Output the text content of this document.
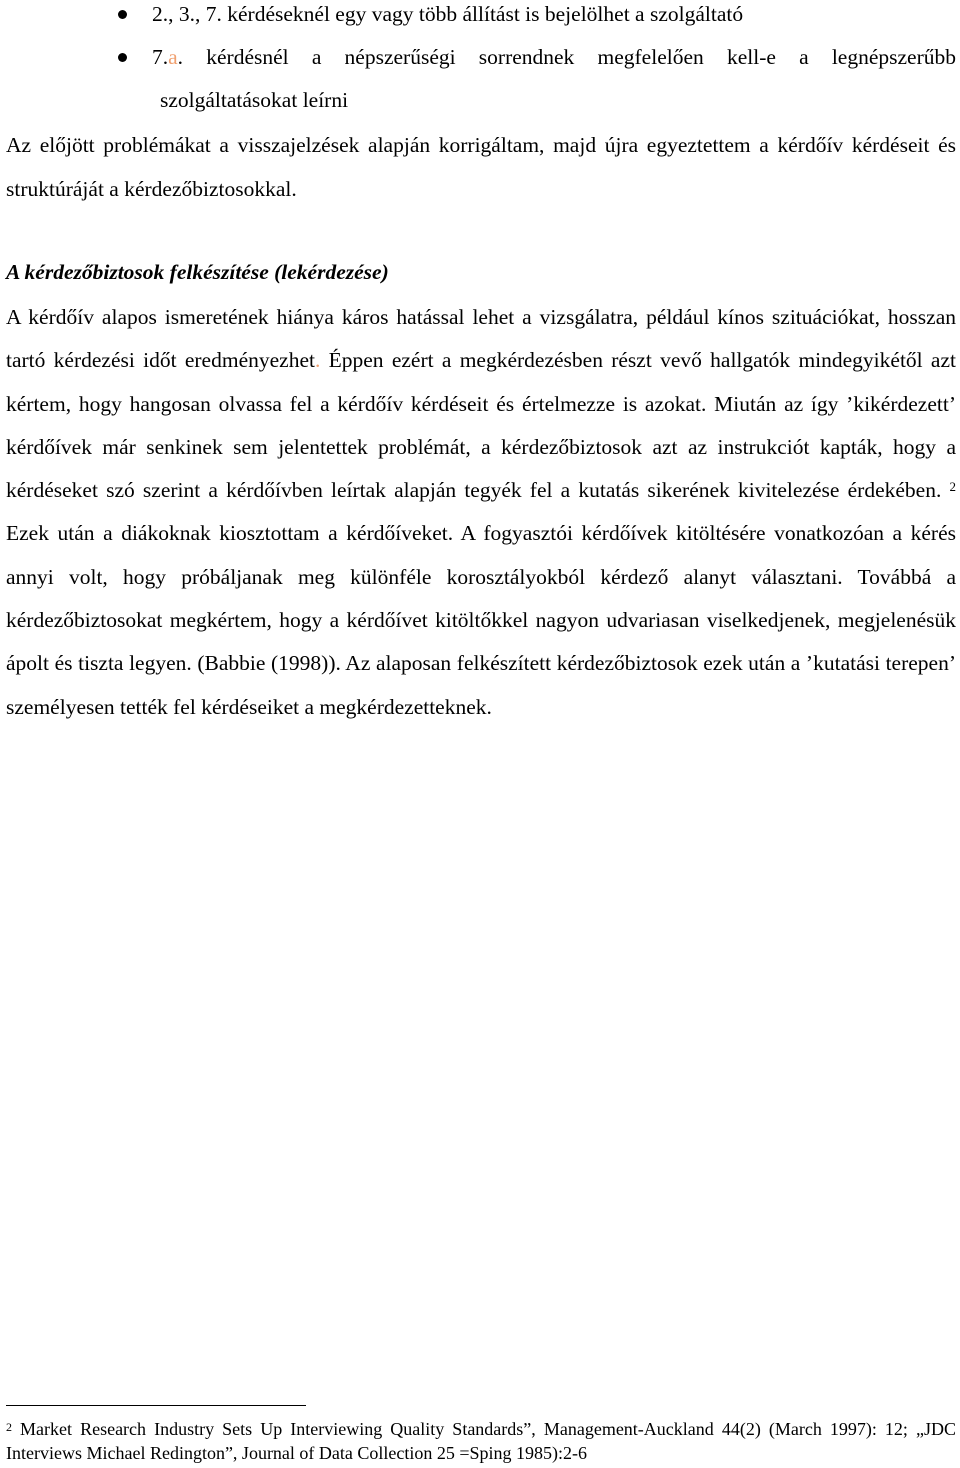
2., 3., 7. kérdéseknél egy vagy több állítást is bejelölhet a szolgáltató
7.a. kérdésnél a népszerűségi sorrendnek megfelelően kell-e a legnépszerűbb
szolgáltatásokat leírni

Az előjött problémákat a visszajelzések alapján korrigáltam, majd újra egyeztettem a kérdőív kérdéseit és struktúráját a kérdezőbiztosokkal.

A kérdezőbiztosok felkészítése (lekérdezése)

A kérdőív alapos ismeretének hiánya káros hatással lehet a vizsgálatra, például kínos szituációkat, hosszan tartó kérdezési időt eredményezhet. Éppen ezért a megkérdezésben részt vevő hallgatók mindegyikétől azt kértem, hogy hangosan olvassa fel a kérdőív kérdéseit és értelmezze is azokat. Miután az így ’kikérdezett’ kérdőívek már senkinek sem jelentettek problémát, a kérdezőbiztosok azt az instrukciót kapták, hogy a kérdéseket szó szerint a kérdőívben leírtak alapján tegyék fel a kutatás sikerének kivitelezése érdekében. $^2$ Ezek után a diákoknak kiosztottam a kérdőíveket. A fogyasztói kérdőívek kitöltésére vonatkozóan a kérés annyi volt, hogy próbáljanak meg különféle korosztályokból kérdező alanyt választani. Továbbá a kérdezőbiztosokat megkértem, hogy a kérdőívet kitöltőkkel nagyon udvariasan viselkedjenek, megjelenésük ápolt és tiszta legyen. (Babbie (1998)). Az alaposan felkészített kérdezőbiztosok ezek után a ’kutatási terepen’ személyesen tették fel kérdéseiket a megkérdezetteknek.

$^2$ Market Research Industry Sets Up Interviewing Quality Standards”, Management-Auckland 44(2) (March 1997): 12; „JDC Interviews Michael Redington”, Journal of Data Collection 25 =Sping 1985):2-6
